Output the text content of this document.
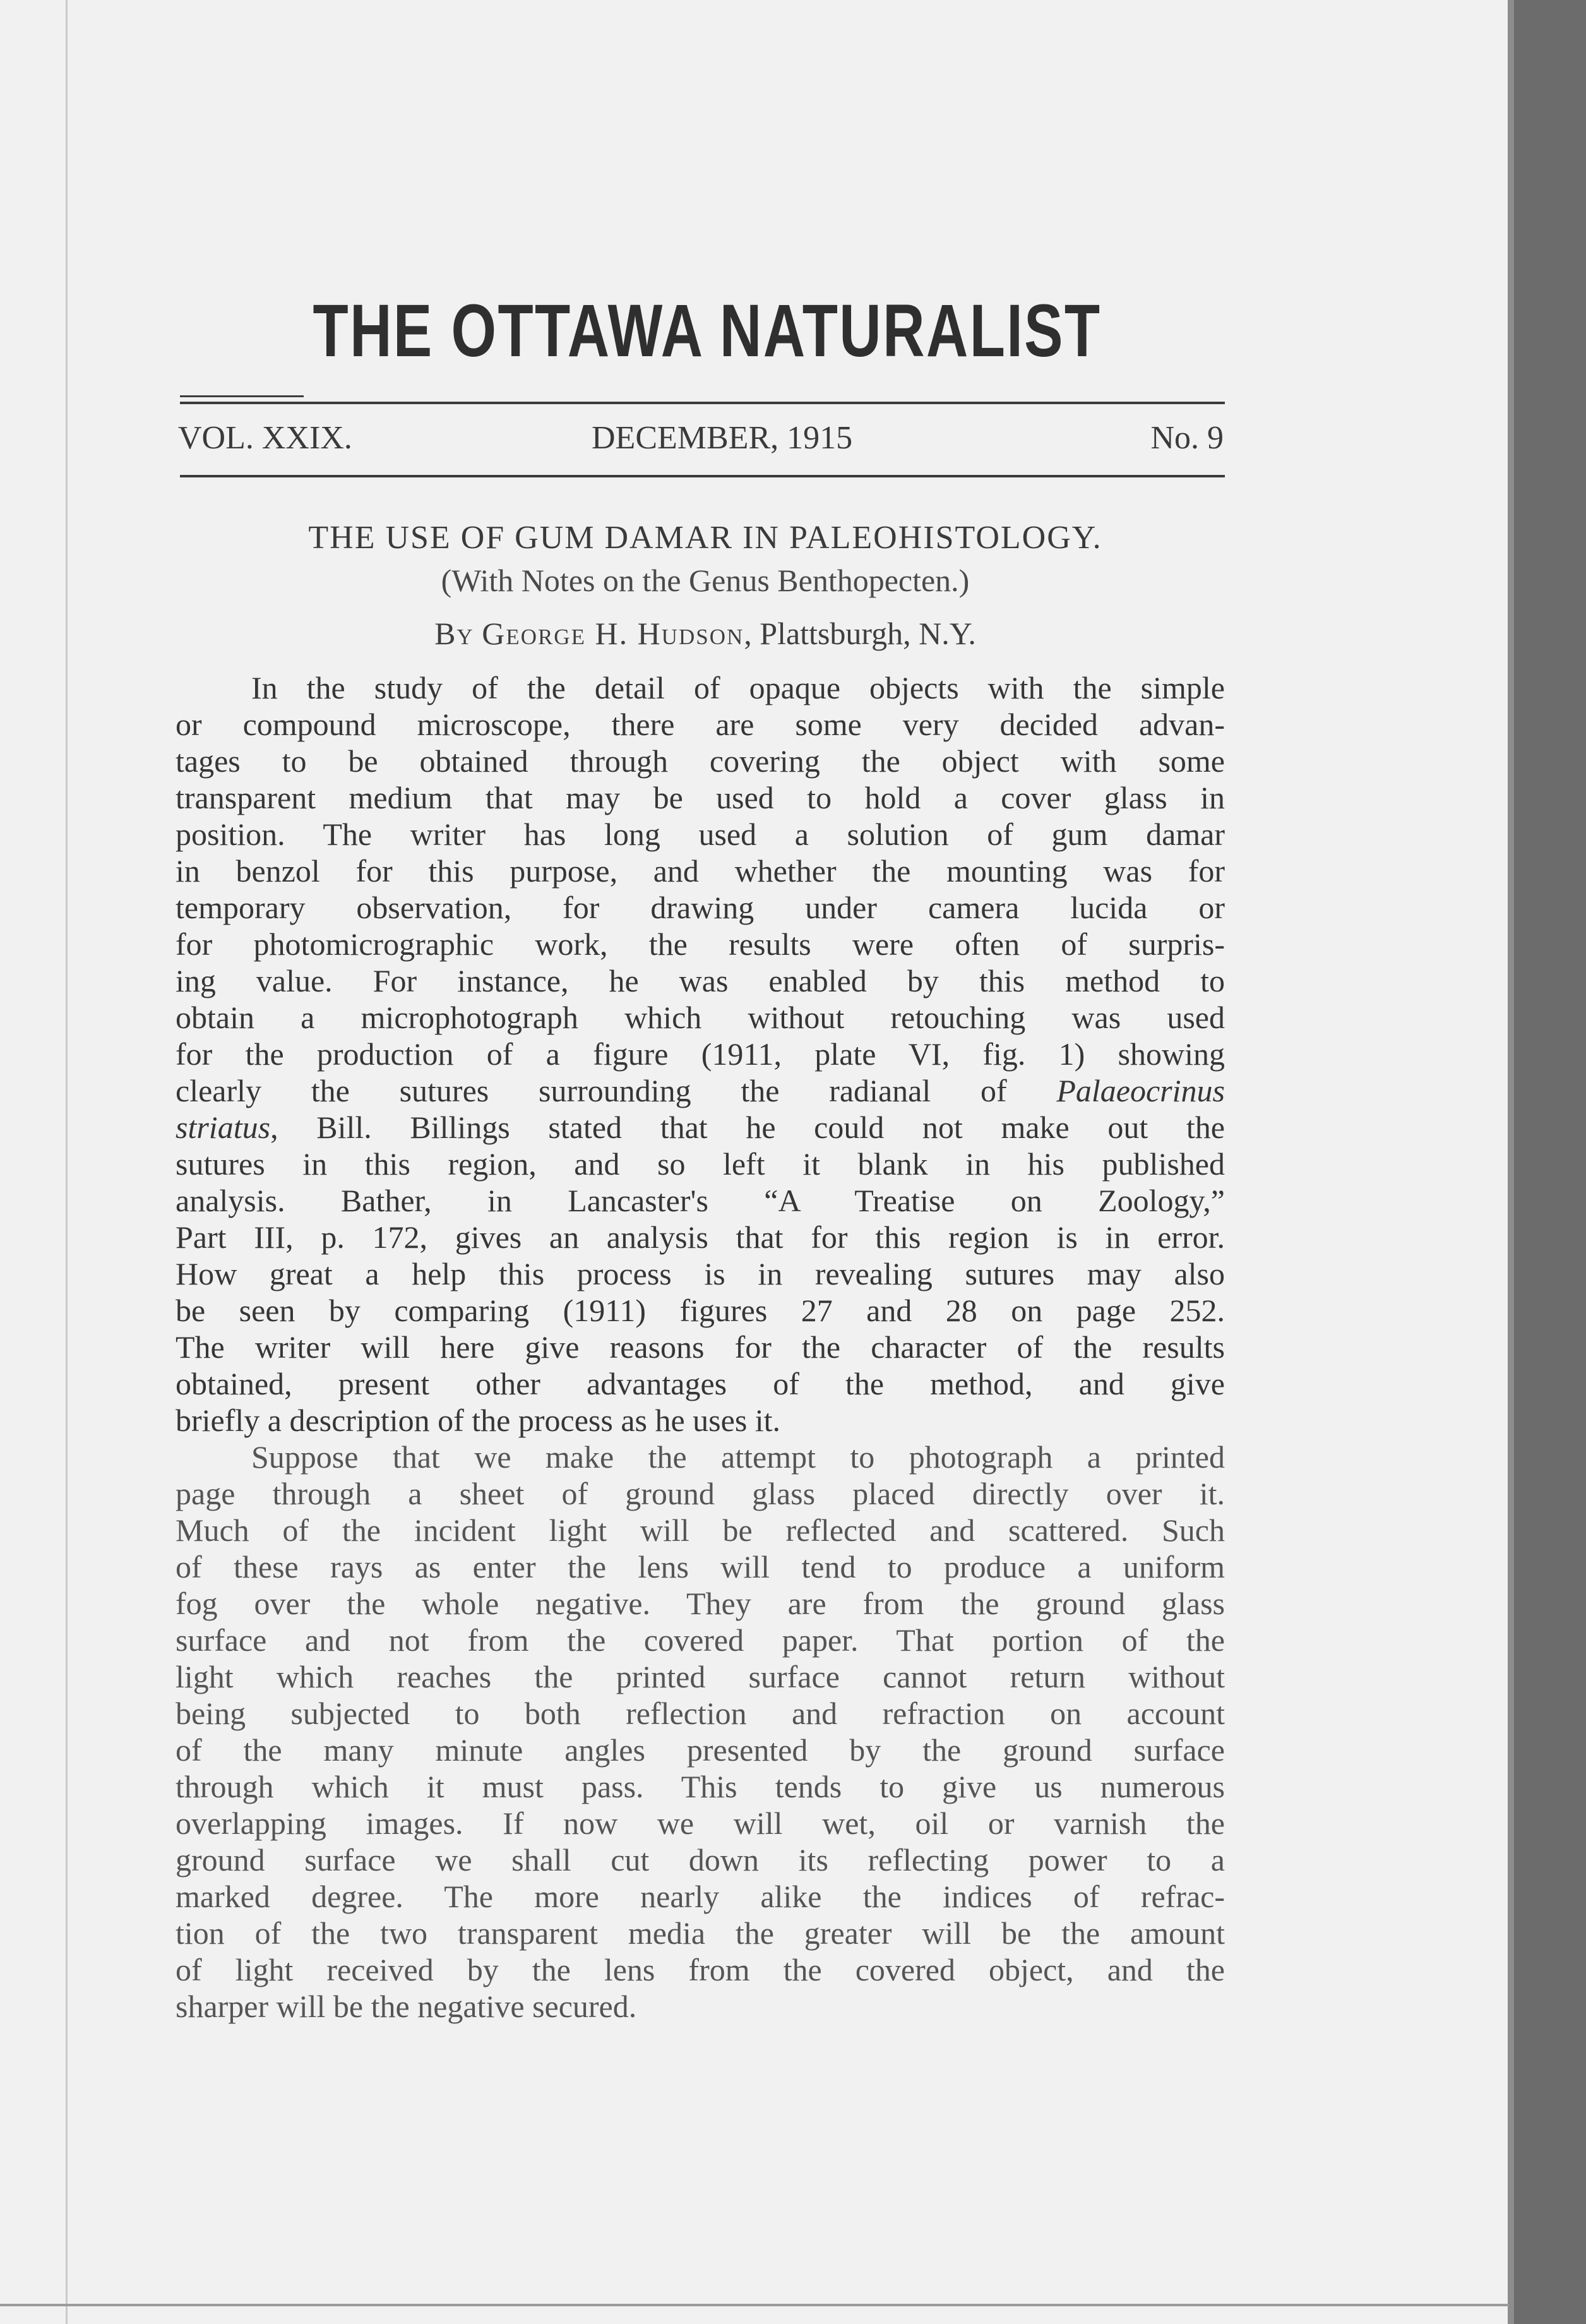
THE OTTAWA NATURALIST
VOL. XXIX.	DECEMBER, 1915	No. 9
THE USE OF GUM DAMAR IN PALEOHISTOLOGY.
(With Notes on the Genus Benthopecten.)
By George H. Hudson, Plattsburgh, N.Y.
In the study of the detail of opaque objects with the simple
or compound microscope, there are some very decided advan-
tages to be obtained through covering the object with some
transparent medium that may be used to hold a cover glass in
position. The writer has long used a solution of gum damar
in benzol for this purpose, and whether the mounting was for
temporary observation, for drawing under camera lucida or
for photomicrographic work, the results were often of surpris-
ing value. For instance, he was enabled by this method to
obtain a microphotograph which without retouching was used
for the production of a figure (1911, plate VI, fig. 1) showing
clearly the sutures surrounding the radianal of Palaeocrinus
striatus, Bill. Billings stated that he could not make out the
sutures in this region, and so left it blank in his published
analysis. Bather, in Lancaster's “A Treatise on Zoology,”
Part III, p. 172, gives an analysis that for this region is in error.
How great a help this process is in revealing sutures may also
be seen by comparing (1911) figures 27 and 28 on page 252.
The writer will here give reasons for the character of the results
obtained, present other advantages of the method, and give
briefly a description of the process as he uses it.
Suppose that we make the attempt to photograph a printed
page through a sheet of ground glass placed directly over it.
Much of the incident light will be reflected and scattered. Such
of these rays as enter the lens will tend to produce a uniform
fog over the whole negative. They are from the ground glass
surface and not from the covered paper. That portion of the
light which reaches the printed surface cannot return without
being subjected to both reflection and refraction on account
of the many minute angles presented by the ground surface
through which it must pass. This tends to give us numerous
overlapping images. If now we will wet, oil or varnish the
ground surface we shall cut down its reflecting power to a
marked degree. The more nearly alike the indices of refrac-
tion of the two transparent media the greater will be the amount
of light received by the lens from the covered object, and the
sharper will be the negative secured.
